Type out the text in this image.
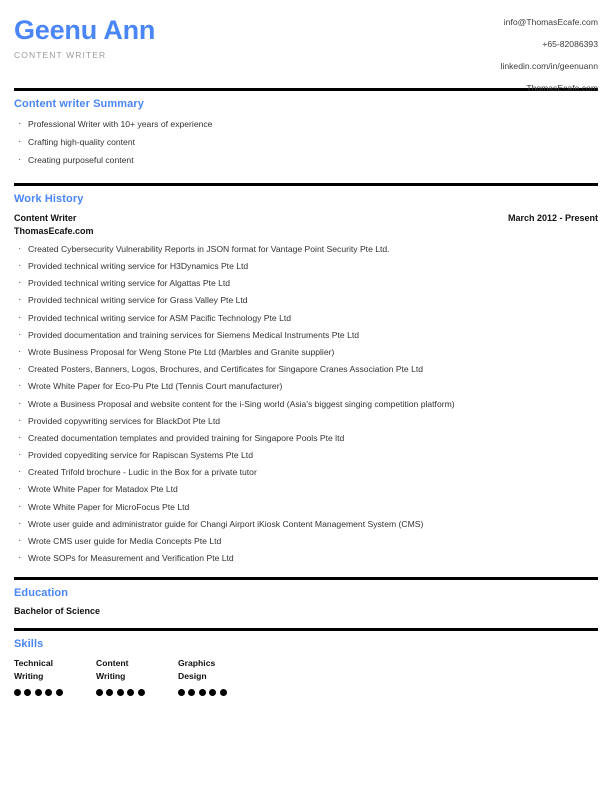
Geenu Ann
CONTENT WRITER
info@ThomasEcafe.com
+65-82086393
linkedin.com/in/geenuann
ThomasEcafe.com
Content writer Summary
· Professional Writer with 10+ years of experience
· Crafting high-quality content
· Creating purposeful content
Work History
Content Writer
ThomasEcafe.com
March 2012 - Present
· Created Cybersecurity Vulnerability Reports in JSON format for Vantage Point Security Pte Ltd.
· Provided technical writing service for H3Dynamics Pte Ltd
· Provided technical writing service for Algattas Pte Ltd
· Provided technical writing service for Grass Valley Pte Ltd
· Provided technical writing service for ASM Pacific Technology Pte Ltd
· Provided documentation and training services for Siemens Medical Instruments Pte Ltd
· Wrote Business Proposal for Weng Stone Pte Ltd (Marbles and Granite supplier)
· Created Posters, Banners, Logos, Brochures, and Certificates for Singapore Cranes Association Pte Ltd
· Wrote White Paper for Eco-Pu Pte Ltd (Tennis Court manufacturer)
· Wrote a Business Proposal and website content for the i-Sing world (Asia's biggest singing competition platform)
· Provided copywriting services for BlackDot Pte Ltd
· Created documentation templates and provided training for Singapore Pools Pte ltd
· Provided copyediting service for Rapiscan Systems Pte Ltd
· Created Trifold brochure - Ludic in the Box for a private tutor
· Wrote White Paper for Matadox Pte Ltd
· Wrote White Paper for MicroFocus Pte Ltd
· Wrote user guide and administrator guide for Changi Airport iKiosk Content Management System (CMS)
· Wrote CMS user guide for Media Concepts Pte Ltd
· Wrote SOPs for Measurement and Verification Pte Ltd
Education
Bachelor of Science
Skills
Technical Writing
Content Writing
Graphics Design
